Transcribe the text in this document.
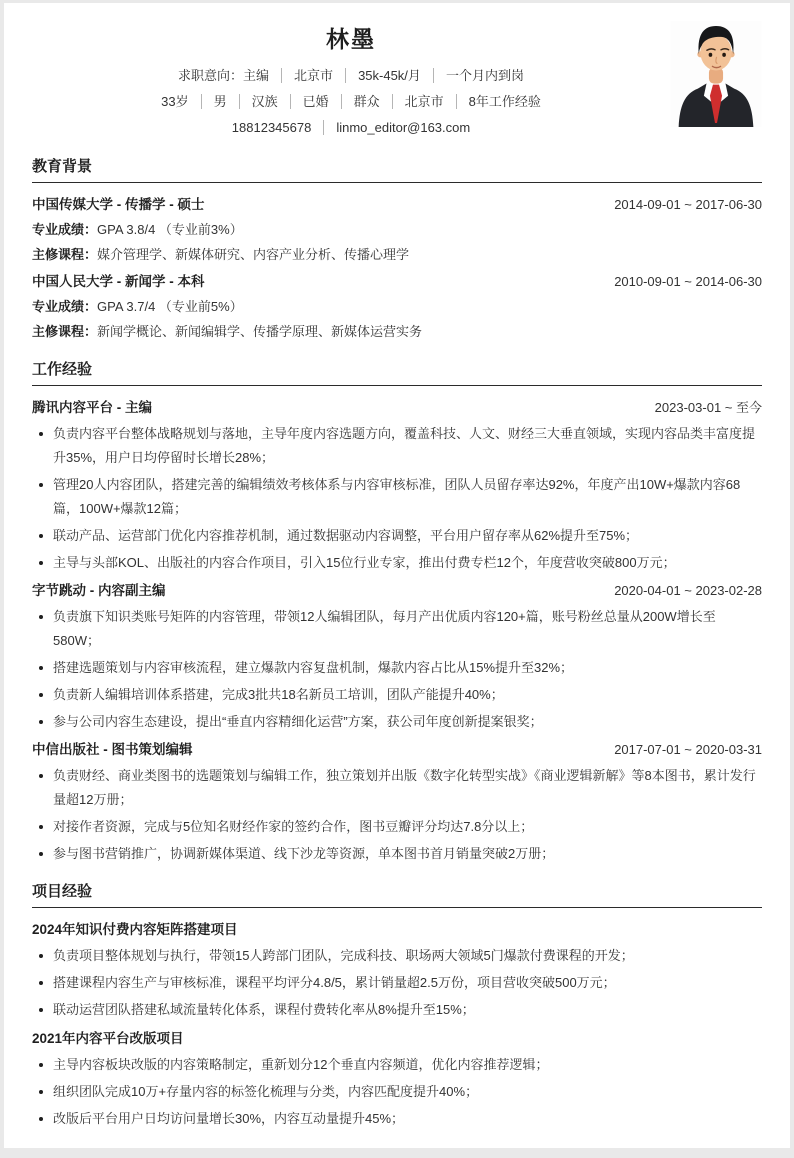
林墨
求职意向：主编 北京市 35k-45k/月 一个月内到岗
33岁 男 汉族 已婚 群众 北京市 8年工作经验
18812345678 linmo_editor@163.com
教育背景
中国传媒大学 - 传播学 - 硕士	2014-09-01 ~ 2017-06-30
专业成绩：GPA 3.8/4 （专业前3%）
主修课程：媒介管理学、新媒体研究、内容产业分析、传播心理学
中国人民大学 - 新闻学 - 本科	2010-09-01 ~ 2014-06-30
专业成绩：GPA 3.7/4 （专业前5%）
主修课程：新闻学概论、新闻编辑学、传播学原理、新媒体运营实务
工作经验
腾讯内容平台 - 主编	2023-03-01 ~ 至今
负责内容平台整体战略规划与落地，主导年度内容选题方向，覆盖科技、人文、财经三大垂直领域，实现内容品类丰富度提升35%，用户日均停留时长增长28%；
管理20人内容团队，搭建完善的编辑绩效考核体系与内容审核标准，团队人员留存率达92%，年度产出10W+爆款内容68篇，100W+爆款12篇；
联动产品、运营部门优化内容推荐机制，通过数据驱动内容调整，平台用户留存率从62%提升至75%；
主导与头部KOL、出版社的内容合作项目，引入15位行业专家，推出付费专栏12个，年度营收突破800万元；
字节跳动 - 内容副主编	2020-04-01 ~ 2023-02-28
负责旗下知识类账号矩阵的内容管理，带领12人编辑团队，每月产出优质内容120+篇，账号粉丝总量从200W增长至580W；
搭建选题策划与内容审核流程，建立爆款内容复盘机制，爆款内容占比从15%提升至32%；
负责新人编辑培训体系搭建，完成3批共18名新员工培训，团队产能提升40%；
参与公司内容生态建设，提出“垂直内容精细化运营”方案，获公司年度创新提案银奖；
中信出版社 - 图书策划编辑	2017-07-01 ~ 2020-03-31
负责财经、商业类图书的选题策划与编辑工作，独立策划并出版《数字化转型实战》《商业逻辑新解》等8本图书，累计发行量超12万册；
对接作者资源，完成与5位知名财经作家的签约合作，图书豆瓣评分均达7.8分以上；
参与图书营销推广，协调新媒体渠道、线下沙龙等资源，单本图书首月销量突破2万册；
项目经验
2024年知识付费内容矩阵搭建项目
负责项目整体规划与执行，带领15人跨部门团队，完成科技、职场两大领域5门爆款付费课程的开发；
搭建课程内容生产与审核标准，课程平均评分4.8/5，累计销量超2.5万份，项目营收突破500万元；
联动运营团队搭建私域流量转化体系，课程付费转化率从8%提升至15%；
2021年内容平台改版项目
主导内容板块改版的内容策略制定，重新划分12个垂直内容频道，优化内容推荐逻辑；
组织团队完成10万+存量内容的标签化梳理与分类，内容匹配度提升40%；
改版后平台用户日均访问量增长30%，内容互动量提升45%；
